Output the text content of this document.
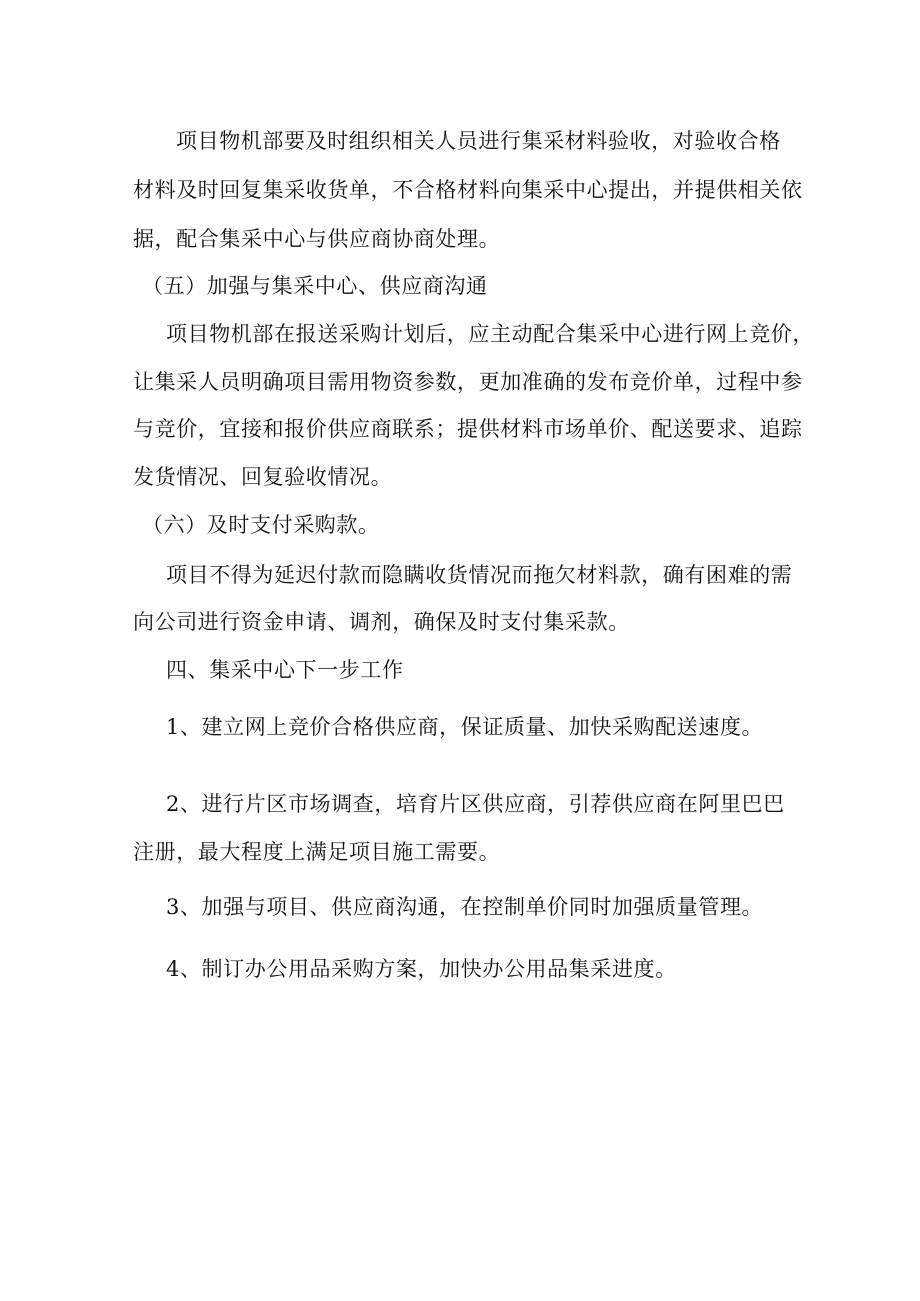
项目物机部要及时组织相关人员进行集采材料验收，对验收合格
材料及时回复集采收货单，不合格材料向集采中心提出，并提供相关依
据，配合集采中心与供应商协商处理。
（五）加强与集采中心、供应商沟通
项目物机部在报送采购计划后，应主动配合集采中心进行网上竞价，
让集采人员明确项目需用物资参数，更加准确的发布竞价单，过程中参
与竞价，宜接和报价供应商联系；提供材料市场单价、配送要求、追踪
发货情况、回复验收情况。
（六）及时支付采购款。
项目不得为延迟付款而隐瞒收货情况而拖欠材料款，确有困难的需
向公司进行资金申请、调剂，确保及时支付集采款。
四、集采中心下一步工作
1、建立网上竞价合格供应商，保证质量、加快采购配送速度。
2、进行片区市场调查，培育片区供应商，引荐供应商在阿里巴巴
注册，最大程度上满足项目施工需要。
3、加强与项目、供应商沟通，在控制单价同时加强质量管理。
4、制订办公用品采购方案，加快办公用品集采进度。
